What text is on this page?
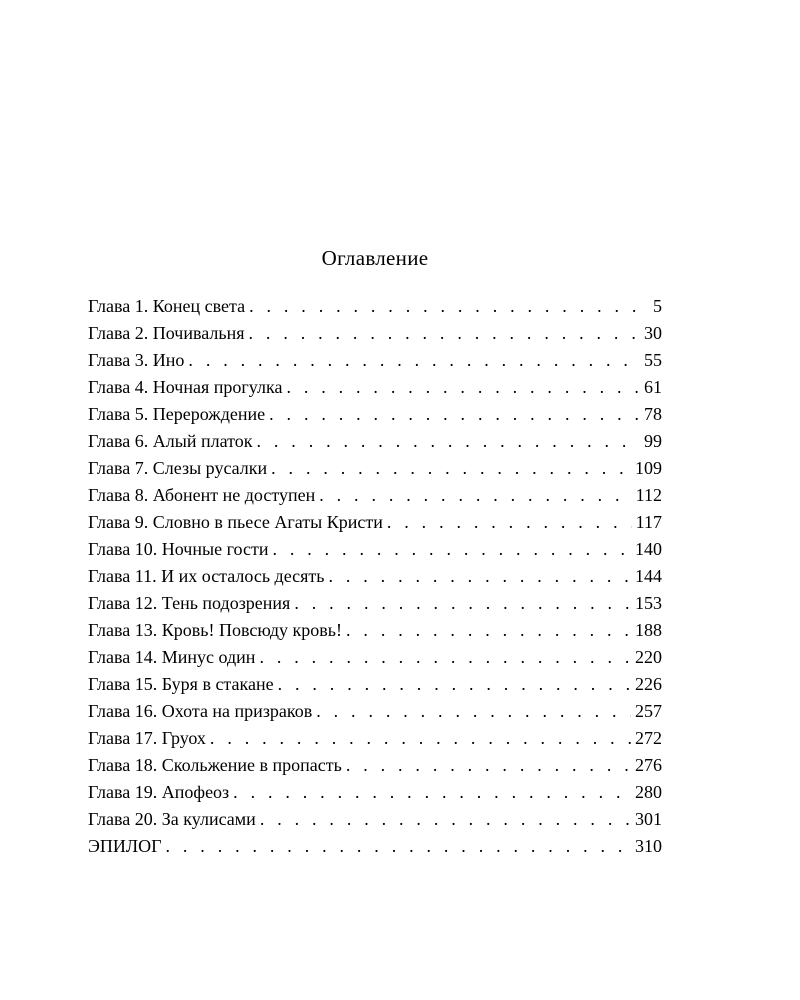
Оглавление
Глава 1. Конец света . . .	5
Глава 2. Почивальня . . .	30
Глава 3. Ино . . .	55
Глава 4. Ночная прогулка . . .	61
Глава 5. Перерождение . . .	78
Глава 6. Алый платок . . .	99
Глава 7. Слезы русалки . . .	109
Глава 8. Абонент не доступен . . .	112
Глава 9. Словно в пьесе Агаты Кристи . . .	117
Глава 10. Ночные гости . . .	140
Глава 11. И их осталось десять . . .	144
Глава 12. Тень подозрения . . .	153
Глава 13. Кровь! Повсюду кровь! . . .	188
Глава 14. Минус один . . .	220
Глава 15. Буря в стакане . . .	226
Глава 16. Охота на призраков . . .	257
Глава 17. Груох . . .	272
Глава 18. Скольжение в пропасть . . .	276
Глава 19. Апофеоз . . .	280
Глава 20. За кулисами . . .	301
ЭПИЛОГ . . .	310
